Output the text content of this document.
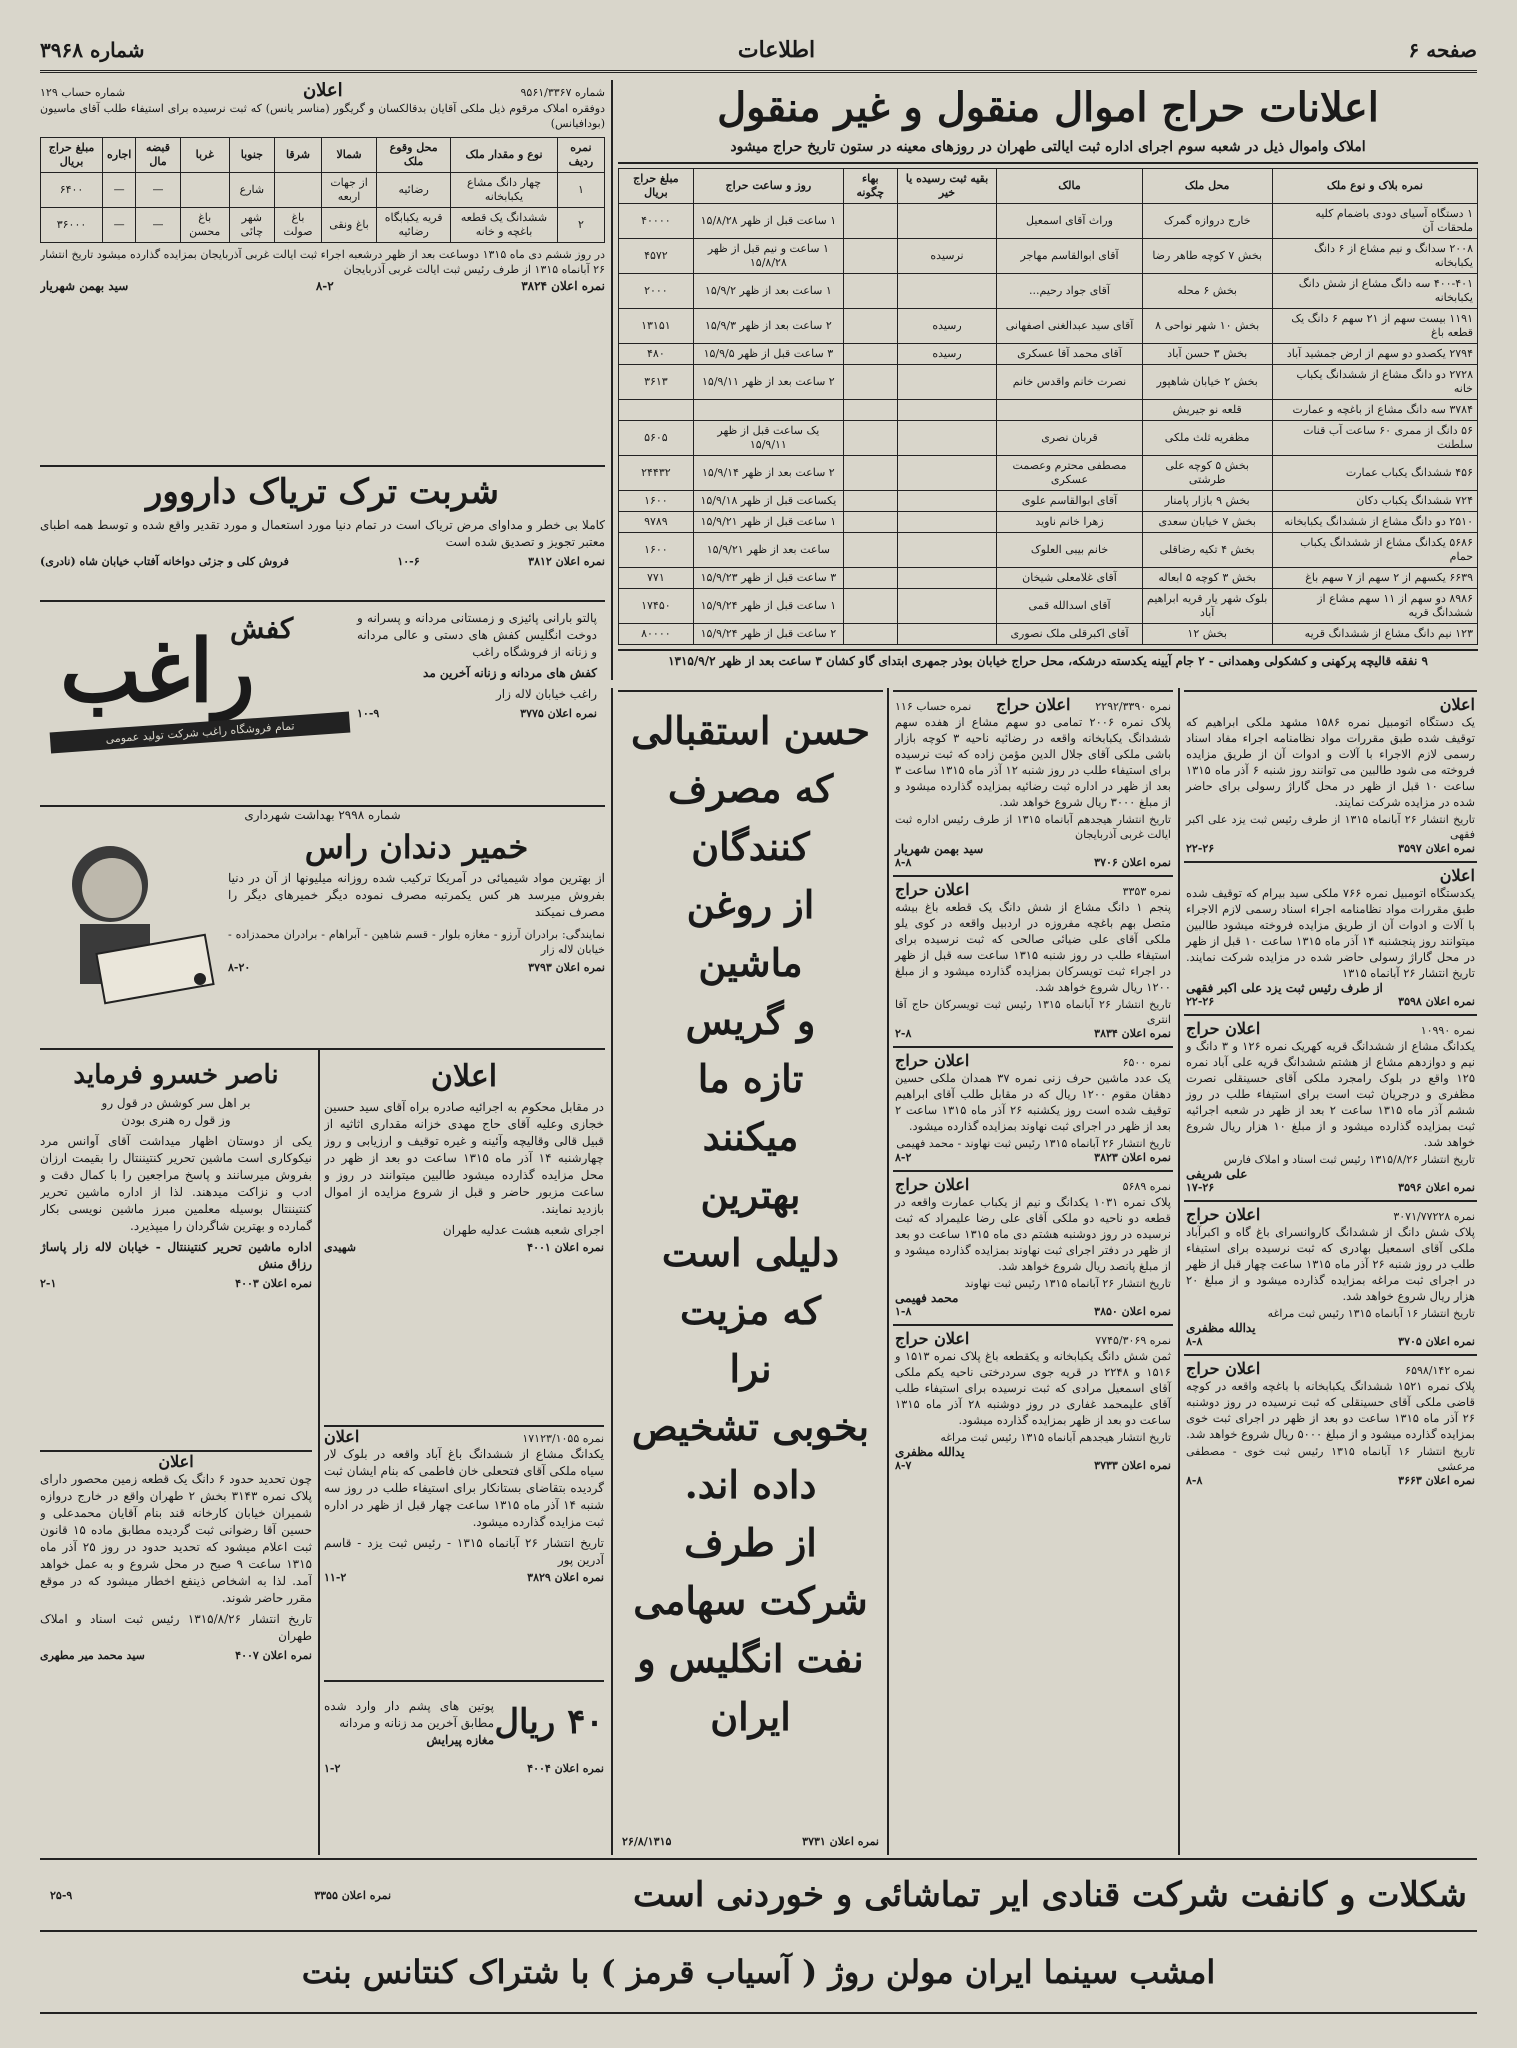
صفحه ۶
اطلاعات
شماره ۳۹۶۸
اعلانات حراج اموال منقول و غیر منقول
املاک واموال ذیل در شعبه سوم اجرای اداره ثبت ایالتی طهران در روزهای معینه در ستون تاریخ حراج میشود
نمره بلاک و نوع ملک	محل ملک	مالک	بقیه ثبت رسیده یا خیر	بهاء چگونه	روز و ساعت حراج	مبلغ حراج بریال
۱ دستگاه آسیای دودی باضمام کلیه ملحقات آن	خارج دروازه گمرک	وراث آقای اسمعیل			۱ ساعت قبل از ظهر ۱۵/۸/۲۸	۴۰۰۰۰
۲۰۰۸ سدانگ و نیم مشاع از ۶ دانگ یکبابخانه	بخش ۷ کوچه طاهر رضا	آقای ابوالقاسم مهاجر	نرسیده		۱ ساعت و نیم قبل از ظهر ۱۵/۸/۲۸	۴۵۷۲
۴۰۰-۴۰۱ سه دانگ مشاع از شش دانگ یکبابخانه	بخش ۶ محله	آقای جواد رحیم...			۱ ساعت بعد از ظهر ۱۵/۹/۲	۲۰۰۰
۱۱۹۱ بیست سهم از ۲۱ سهم ۶ دانگ یک قطعه باغ	بخش ۱۰ شهر نواحی ۸	آقای سید عبدالغنی اصفهانی	رسیده		۲ ساعت بعد از ظهر ۱۵/۹/۳	۱۳۱۵۱
۲۷۹۴ یکصدو دو سهم از ارض جمشید آباد	بخش ۳ حسن آباد	آقای محمد آقا عسکری	رسیده		۳ ساعت قبل از ظهر ۱۵/۹/۵	۴۸۰
۲۷۲۸ دو دانگ مشاع از ششدانگ یکباب خانه	بخش ۲ خیابان شاهپور	نصرت خانم واقدس خانم			۲ ساعت بعد از ظهر ۱۵/۹/۱۱	۳۶۱۳
۳۷۸۴ سه دانگ مشاع از باغچه و عمارت	قلعه نو جیریش					
۵۶ دانگ از ممری ۶۰ ساعت آب قنات سلطنت	مظفریه ثلث ملکی	قربان نصری			یک ساعت قبل از ظهر ۱۵/۹/۱۱	۵۶۰۵
۴۵۶ ششدانگ یکباب عمارت	بخش ۵ کوچه علی طرشتی	مصطفی محترم وعصمت عسکری			۲ ساعت بعد از ظهر ۱۵/۹/۱۴	۲۴۴۳۲
۷۲۴ ششدانگ یکباب دکان	بخش ۹ بازار پامنار	آقای ابوالقاسم علوی			یکساعت قبل از ظهر ۱۵/۹/۱۸	۱۶۰۰
۲۵۱۰ دو دانگ مشاع از ششدانگ یکبابخانه	بخش ۷ خیابان سعدی	زهرا خانم ناوید			۱ ساعت قبل از ظهر ۱۵/۹/۲۱	۹۷۸۹
۵۶۸۶ یکدانگ مشاع از ششدانگ یکباب حمام	بخش ۴ تکیه رضاقلی	خانم بیبی العلوک			ساعت بعد از ظهر ۱۵/۹/۲۱	۱۶۰۰
۶۶۳۹ یکسهم از ۲ سهم از ۷ سهم باغ	بخش ۳ کوچه ۵ ابعاله	آقای غلامعلی شیخان			۳ ساعت قبل از ظهر ۱۵/۹/۲۳	۷۷۱
۸۹۸۶ دو سهم از ۱۱ سهم مشاع از ششدانگ قریه	بلوک شهر یار قریه ابراهیم آباد	آقای اسدالله قمی			۱ ساعت قبل از ظهر ۱۵/۹/۲۴	۱۷۴۵۰
۱۲۳ نیم دانگ مشاع از ششدانگ قریه	بخش ۱۲	آقای اکبرقلی ملک نصوری			۲ ساعت قبل از ظهر ۱۵/۹/۲۴	۸۰۰۰۰
۹ نفقه قالیچه پرکهنی و کشکولی وهمدانی - ۲ جام آیینه یکدسته درشکه، محل حراج خیابان بوذر جمهری ابتدای گاو کشان ۳ ساعت بعد از ظهر ۱۳۱۵/۹/۲
شماره ۹۵۶۱/۳۳۶۷
اعلان
شماره حساب ۱۲۹
دوفقره املاک مرقوم ذیل ملکی آقایان بدقالکسان و گریگور (مناسر یانس) که ثبت نرسیده برای استیفاء طلب آقای ماسیون (بودافیانس)
نمره ردیف	نوع و مقدار ملک	محل وقوع ملک	شمالا	شرقا	جنوبا	غربا	قبضه مال	اجاره	مبلغ حراج بریال
۱	چهار دانگ مشاع یکبابخانه	رضائیه	از جهات اربعه		شارع		—	—	۶۴۰۰
۲	ششدانگ یک قطعه باغچه و خانه	قریه یکبابگاه رضائیه	باغ ونقی	باغ صولت	شهر چائی	باغ محسن	—	—	۳۶۰۰۰
در روز ششم دی ماه ۱۳۱۵ دوساعت بعد از ظهر درشعبه اجراء ثبت ایالت غربی آذربایجان بمزایده گذارده میشود تاریخ انتشار ۲۶ آبانماه ۱۳۱۵ از طرف رئیس ثبت ایالت غربی آذربایجان
نمره اعلان ۳۸۲۴
۸-۲
سید بهمن شهریار
شربت ترک تریاک داروور
کاملا بی خطر و مداوای مرض تریاک است در تمام دنیا مورد استعمال و مورد تقدیر واقع شده و توسط همه اطبای معتبر تجویز و تصدیق شده است
نمره اعلان ۳۸۱۲
۱۰-۶
فروش کلی و جزئی دواخانه آفتاب خیابان شاه (نادری)
پالتو بارانی پائیزی و زمستانی مردانه و پسرانه و دوخت انگلیس کفش های دستی و عالی مردانه و زنانه از فروشگاه راغب
کفش های مردانه و زنانه آخرین مد
راغب خیابان لاله زار
نمره اعلان ۳۷۷۵
۱۰-۹
راغب
کفش
تمام فروشگاه راغب شرکت تولید عمومی
شماره ۲۹۹۸ بهداشت شهرداری
خمیر دندان راس
از بهترین مواد شیمیائی در آمریکا ترکیب شده روزانه میلیونها از آن در دنیا بفروش میرسد هر کس یکمرتبه مصرف نموده دیگر خمیرهای دیگر را مصرف نمیکند
نمایندگی: برادران آرزو - مغازه بلوار - قسم شاهین - آبراهام - برادران محمدزاده - خیابان لاله زار
نمره اعلان ۳۷۹۳
۸-۲۰
ناصر خسرو فرماید
بر اهل سر کوشش در قول رو
وز قول ره هنری بودن
یکی از دوستان اظهار میداشت آقای آوانس مرد نیکوکاری است ماشین تحریر کنتیننتال را بقیمت ارزان بفروش میرسانند و پاسخ مراجعین را با کمال دقت و ادب و نزاکت میدهند. لذا از اداره ماشین تحریر کنتیننتال بوسیله معلمین مبرز ماشین نویسی بکار گمارده و بهترین شاگردان را میپذیرد.
اداره ماشین تحریر کنتیننتال - خیابان لاله زار پاساژ رزاق منش
نمره اعلان ۴۰۰۳
۲-۱
اعلان
چون تحدید حدود ۶ دانگ یک قطعه زمین محصور دارای پلاک نمره ۳۱۴۳ بخش ۲ طهران واقع در خارج دروازه شمیران خیابان کارخانه قند بنام آقایان محمدعلی و حسین آقا رضوانی ثبت گردیده مطابق ماده ۱۵ قانون ثبت اعلام میشود که تحدید حدود در روز ۲۵ آذر ماه ۱۳۱۵ ساعت ۹ صبح در محل شروع و به عمل خواهد آمد. لذا به اشخاص ذینفع اخطار میشود که در موقع مقرر حاضر شوند.
تاریخ انتشار ۱۳۱۵/۸/۲۶ رئیس ثبت اسناد و املاک طهران
نمره اعلان ۴۰۰۷
سید محمد میر مطهری
اعلان
در مقابل محکوم به اجرائیه صادره براه آقای سید حسین خجازی وعلیه آقای حاج مهدی خزانه مقداری اثاثیه از قبیل قالی وقالیچه وآئینه و غیره توقیف و ارزیابی و روز چهارشنبه ۱۴ آذر ماه ۱۳۱۵ ساعت دو بعد از ظهر در محل مزایده گذارده میشود طالبین میتوانند در روز و ساعت مزبور حاضر و قبل از شروع مزایده از اموال بازدید نمایند.
اجرای شعبه هشت عدلیه طهران
نمره اعلان ۴۰۰۱
شهیدی
نمره ۱۷۱۲۳/۱۰۵۵
اعلان
یکدانگ مشاع از ششدانگ باغ آباد واقعه در بلوک لار سیاه ملکی آقای فتحعلی خان فاطمی که بنام ایشان ثبت گردیده بتقاضای بستانکار برای استیفاء طلب در روز سه شنبه ۱۴ آذر ماه ۱۳۱۵ ساعت چهار قبل از ظهر در اداره ثبت مزایده گذارده میشود.
تاریخ انتشار ۲۶ آبانماه ۱۳۱۵ - رئیس ثبت یزد - قاسم آدرین پور
نمره اعلان ۳۸۲۹
۱۱-۲
۴۰ ریال
پوتین های پشم دار وارد شده مطابق آخرین مد زنانه و مردانه
مغازه پیرایش
نمره اعلان ۴۰۰۴
۱-۲
حسن استقبالی
که مصرف
کنندگان
از روغن
ماشین
و گریس
تازه ما
میکنند
بهترین
دلیلی است
که مزیت
نرا
بخوبی تشخیص
داده اند.
از طرف
شرکت سهامی
نفت انگلیس و
ایران
نمره اعلان ۳۷۳۱
۲۶/۸/۱۳۱۵
نمره ۲۲۹۲/۳۳۹۰
اعلان حراج
نمره حساب ۱۱۶
پلاک نمره ۲۰۰۶ تمامی دو سهم مشاع از هفده سهم ششدانگ یکبابخانه واقعه در رضائیه ناحیه ۳ کوچه بازار باشی ملکی آقای جلال الدین مؤمن زاده که ثبت نرسیده برای استیفاء طلب در روز شنبه ۱۲ آذر ماه ۱۳۱۵ ساعت ۳ بعد از ظهر در اداره ثبت رضائیه بمزایده گذارده میشود و از مبلغ ۳۰۰۰ ریال شروع خواهد شد.
تاریخ انتشار هیجدهم آبانماه ۱۳۱۵ از طرف رئیس اداره ثبت ایالت غربی آذربایجان
سید بهمن شهریار
نمره اعلان ۳۷۰۶
۸-۸
نمره ۳۳۵۳
اعلان حراج
پنجم ۱ دانگ مشاع از شش دانگ یک قطعه باغ بیشه متصل بهم باغچه مفروزه در اردبیل واقعه در کوی یلو ملکی آقای علی ضیائی صالحی که ثبت نرسیده برای استیفاء طلب در روز شنبه ۱۳۱۵ ساعت سه قبل از ظهر در اجراء ثبت تویسرکان بمزایده گذارده میشود و از مبلغ ۱۲۰۰ ریال شروع خواهد شد.
تاریخ انتشار ۲۶ آبانماه ۱۳۱۵ رئیس ثبت تویسرکان حاج آقا انتری
نمره اعلان ۳۸۳۴
۲-۸
نمره ۶۵۰۰
اعلان حراج
یک عدد ماشین حرف زنی نمره ۳۷ همدان ملکی حسین دهقان مقوم ۱۲۰۰ ریال که در مقابل طلب آقای ابراهیم توقیف شده است روز یکشنبه ۲۶ آذر ماه ۱۳۱۵ ساعت ۲ بعد از ظهر در اجرای ثبت نهاوند بمزایده گذارده میشود.
تاریخ انتشار ۲۶ آبانماه ۱۳۱۵ رئیس ثبت نهاوند - محمد فهیمی
نمره اعلان ۳۸۲۳
۸-۲
نمره ۵۶۸۹
اعلان حراج
پلاک نمره ۱۰۳۱ یکدانگ و نیم از یکباب عمارت واقعه در قطعه دو ناحیه دو ملکی آقای علی رضا علیمراد که ثبت نرسیده در روز دوشنبه هشتم دی ماه ۱۳۱۵ ساعت دو بعد از ظهر در دفتر اجرای ثبت نهاوند بمزایده گذارده میشود و از مبلغ پانصد ریال شروع خواهد شد.
تاریخ انتشار ۲۶ آبانماه ۱۳۱۵ رئیس ثبت نهاوند
محمد فهیمی
نمره اعلان ۳۸۵۰
۱-۸
نمره ۷۷۴۵/۳۰۶۹
اعلان حراج
ثمن شش دانگ یکبابخانه و یکقطعه باغ پلاک نمره ۱۵۱۳ و ۱۵۱۶ و ۲۲۴۸ در قریه جوی سردرختی ناحیه یکم ملکی آقای اسمعیل مرادی که ثبت نرسیده برای استیفاء طلب آقای علیمحمد غفاری در روز دوشنبه ۲۸ آذر ماه ۱۳۱۵ ساعت دو بعد از ظهر بمزایده گذارده میشود.
تاریخ انتشار هیجدهم آبانماه ۱۳۱۵ رئیس ثبت مراغه
یدالله مظفری
نمره اعلان ۳۷۳۳
۸-۷
اعلان
یک دستگاه اتومبیل نمره ۱۵۸۶ مشهد ملکی ابراهیم که توقیف شده طبق مقررات مواد نظامنامه اجراء مفاد اسناد رسمی لازم الاجراء با آلات و ادوات آن از طریق مزایده فروخته می شود طالبین می توانند روز شنبه ۶ آذر ماه ۱۳۱۵ ساعت ۱۰ قبل از ظهر در محل گاراژ رسولی برای حاضر شده در مزایده شرکت نمایند.
تاریخ انتشار ۲۶ آبانماه ۱۳۱۵ از طرف رئیس ثبت یزد علی اکبر فقهی
نمره اعلان ۳۵۹۷
۲۲-۲۶
اعلان
یکدستگاه اتومبیل نمره ۷۶۶ ملکی سید بیرام که توقیف شده طبق مقررات مواد نظامنامه اجراء اسناد رسمی لازم الاجراء با آلات و ادوات آن از طریق مزایده فروخته میشود طالبین میتوانند روز پنجشنبه ۱۴ آذر ماه ۱۳۱۵ ساعت ۱۰ قبل از ظهر در محل گاراژ رسولی حاضر شده در مزایده شرکت نمایند. تاریخ انتشار ۲۶ آبانماه ۱۳۱۵
از طرف رئیس ثبت یزد علی اکبر فقهی
نمره اعلان ۳۵۹۸
۲۲-۲۶
نمره ۱۰۹۹۰
اعلان حراج
یکدانگ مشاع از ششدانگ قریه کهریک نمره ۱۲۶ و ۳ دانگ و نیم و دوازدهم مشاع از هشتم ششدانگ قریه علی آباد نمره ۱۲۵ واقع در بلوک رامجرد ملکی آقای حسینقلی نصرت مظفری و درجریان ثبت است برای استیفاء طلب در روز ششم آذر ماه ۱۳۱۵ ساعت ۲ بعد از ظهر در شعبه اجرائیه ثبت بمزایده گذارده میشود و از مبلغ ۱۰ هزار ریال شروع خواهد شد.
تاریخ انتشار ۱۳۱۵/۸/۲۶ رئیس ثبت اسناد و املاک فارس
علی شریفی
نمره اعلان ۳۵۹۶
۱۷-۲۶
نمره ۳۰۷۱/۷۷۲۲۸
اعلان حراج
پلاک شش دانگ از ششدانگ کاروانسرای باغ گاه و اکبرآباد ملکی آقای اسمعیل بهادری که ثبت نرسیده برای استیفاء طلب در روز شنبه ۲۶ آذر ماه ۱۳۱۵ ساعت چهار قبل از ظهر در اجرای ثبت مراغه بمزایده گذارده میشود و از مبلغ ۲۰ هزار ریال شروع خواهد شد.
تاریخ انتشار ۱۶ آبانماه ۱۳۱۵ رئیس ثبت مراغه
یدالله مظفری
نمره اعلان ۳۷۰۵
۸-۸
نمره ۶۵۹۸/۱۴۲
اعلان حراج
پلاک نمره ۱۵۲۱ ششدانگ یکبابخانه با باغچه واقعه در کوچه قاضی ملکی آقای حسینقلی که ثبت نرسیده در روز دوشنبه ۲۶ آذر ماه ۱۳۱۵ ساعت دو بعد از ظهر در اجرای ثبت خوی بمزایده گذارده میشود و از مبلغ ۵۰۰۰ ریال شروع خواهد شد.
تاریخ انتشار ۱۶ آبانماه ۱۳۱۵ رئیس ثبت خوی - مصطفی مرعشی
نمره اعلان ۳۶۶۳
۸-۸
شکلات و کانفت شرکت قنادی ایر تماشائی و خوردنی است
نمره اعلان ۳۳۵۵
۲۵-۹
امشب سینما ایران مولن روژ ( آسیاب قرمز ) با شتراک کنتانس بنت
